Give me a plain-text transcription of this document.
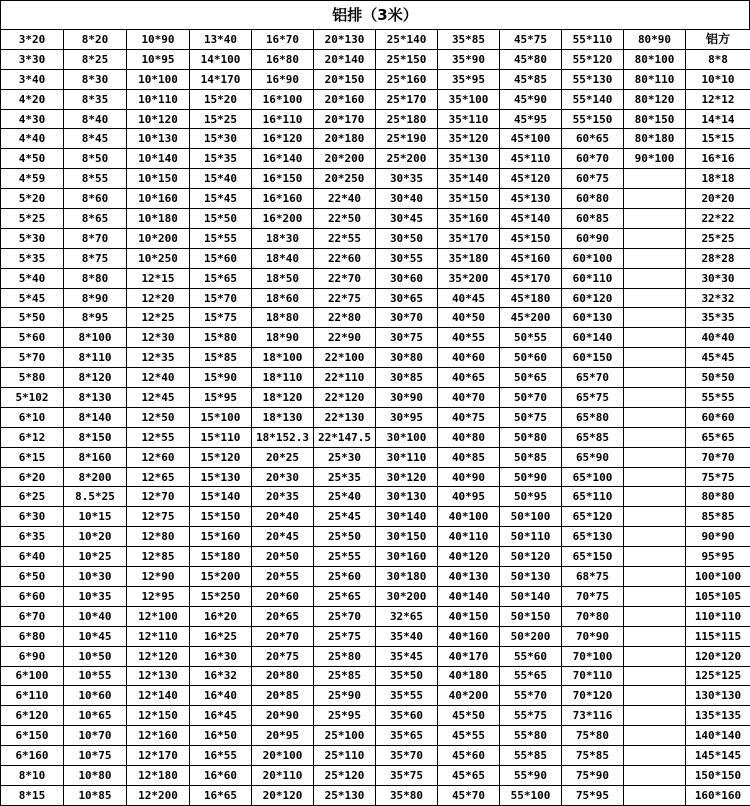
铝排（3米）
3*20	8*20	10*90	13*40	16*70	20*130	25*140	35*85	45*75	55*110	80*90	铝方
3*30	8*25	10*95	14*100	16*80	20*140	25*150	35*90	45*80	55*120	80*100	8*8
3*40	8*30	10*100	14*170	16*90	20*150	25*160	35*95	45*85	55*130	80*110	10*10
4*20	8*35	10*110	15*20	16*100	20*160	25*170	35*100	45*90	55*140	80*120	12*12
4*30	8*40	10*120	15*25	16*110	20*170	25*180	35*110	45*95	55*150	80*150	14*14
4*40	8*45	10*130	15*30	16*120	20*180	25*190	35*120	45*100	60*65	80*180	15*15
4*50	8*50	10*140	15*35	16*140	20*200	25*200	35*130	45*110	60*70	90*100	16*16
4*59	8*55	10*150	15*40	16*150	20*250	30*35	35*140	45*120	60*75		18*18
5*20	8*60	10*160	15*45	16*160	22*40	30*40	35*150	45*130	60*80		20*20
5*25	8*65	10*180	15*50	16*200	22*50	30*45	35*160	45*140	60*85		22*22
5*30	8*70	10*200	15*55	18*30	22*55	30*50	35*170	45*150	60*90		25*25
5*35	8*75	10*250	15*60	18*40	22*60	30*55	35*180	45*160	60*100		28*28
5*40	8*80	12*15	15*65	18*50	22*70	30*60	35*200	45*170	60*110		30*30
5*45	8*90	12*20	15*70	18*60	22*75	30*65	40*45	45*180	60*120		32*32
5*50	8*95	12*25	15*75	18*80	22*80	30*70	40*50	45*200	60*130		35*35
5*60	8*100	12*30	15*80	18*90	22*90	30*75	40*55	50*55	60*140		40*40
5*70	8*110	12*35	15*85	18*100	22*100	30*80	40*60	50*60	60*150		45*45
5*80	8*120	12*40	15*90	18*110	22*110	30*85	40*65	50*65	65*70		50*50
5*102	8*130	12*45	15*95	18*120	22*120	30*90	40*70	50*70	65*75		55*55
6*10	8*140	12*50	15*100	18*130	22*130	30*95	40*75	50*75	65*80		60*60
6*12	8*150	12*55	15*110	18*152.3	22*147.5	30*100	40*80	50*80	65*85		65*65
6*15	8*160	12*60	15*120	20*25	25*30	30*110	40*85	50*85	65*90		70*70
6*20	8*200	12*65	15*130	20*30	25*35	30*120	40*90	50*90	65*100		75*75
6*25	8.5*25	12*70	15*140	20*35	25*40	30*130	40*95	50*95	65*110		80*80
6*30	10*15	12*75	15*150	20*40	25*45	30*140	40*100	50*100	65*120		85*85
6*35	10*20	12*80	15*160	20*45	25*50	30*150	40*110	50*110	65*130		90*90
6*40	10*25	12*85	15*180	20*50	25*55	30*160	40*120	50*120	65*150		95*95
6*50	10*30	12*90	15*200	20*55	25*60	30*180	40*130	50*130	68*75		100*100
6*60	10*35	12*95	15*250	20*60	25*65	30*200	40*140	50*140	70*75		105*105
6*70	10*40	12*100	16*20	20*65	25*70	32*65	40*150	50*150	70*80		110*110
6*80	10*45	12*110	16*25	20*70	25*75	35*40	40*160	50*200	70*90		115*115
6*90	10*50	12*120	16*30	20*75	25*80	35*45	40*170	55*60	70*100		120*120
6*100	10*55	12*130	16*32	20*80	25*85	35*50	40*180	55*65	70*110		125*125
6*110	10*60	12*140	16*40	20*85	25*90	35*55	40*200	55*70	70*120		130*130
6*120	10*65	12*150	16*45	20*90	25*95	35*60	45*50	55*75	73*116		135*135
6*150	10*70	12*160	16*50	20*95	25*100	35*65	45*55	55*80	75*80		140*140
6*160	10*75	12*170	16*55	20*100	25*110	35*70	45*60	55*85	75*85		145*145
8*10	10*80	12*180	16*60	20*110	25*120	35*75	45*65	55*90	75*90		150*150
8*15	10*85	12*200	16*65	20*120	25*130	35*80	45*70	55*100	75*95		160*160
